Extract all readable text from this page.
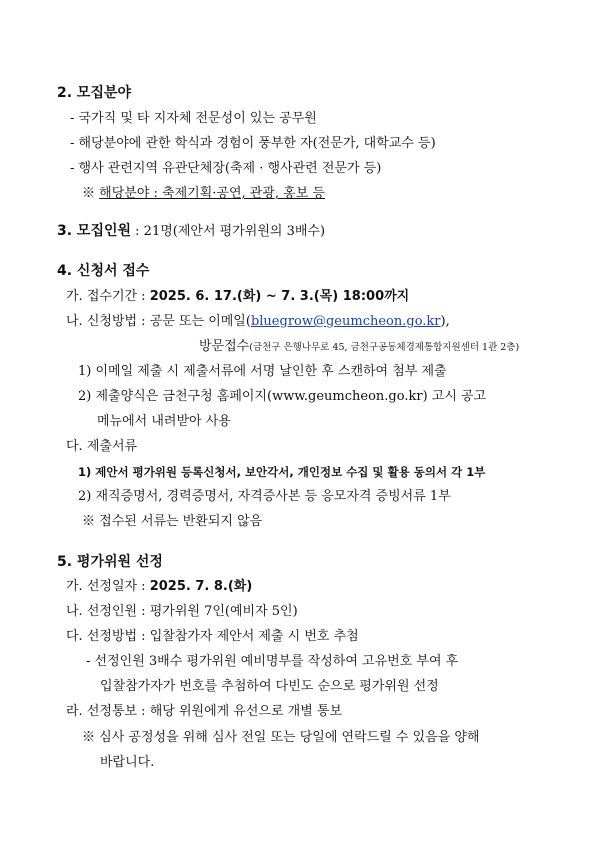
2. 모집분야
- 국가직 및 타 지자체 전문성이 있는 공무원
- 해당분야에 관한 학식과 경험이 풍부한 자(전문가, 대학교수 등)
- 행사 관련지역 유관단체장(축제 · 행사관련 전문가 등)
※ 해당분야 : 축제기획·공연, 관광, 홍보 등
3. 모집인원 : 21명(제안서 평가위원의 3배수)
4. 신청서 접수
가. 접수기간 : 2025. 6. 17.(화) ~ 7. 3.(목) 18:00까지
나. 신청방법 : 공문 또는 이메일(bluegrow@geumcheon.go.kr),
방문접수(금천구 은행나무로 45, 금천구공동체경제통합지원센터 1관 2층)
1) 이메일 제출 시 제출서류에 서명 날인한 후 스캔하여 첨부 제출
2) 제출양식은 금천구청 홈페이지(www.geumcheon.go.kr) 고시 공고
메뉴에서 내려받아 사용
다. 제출서류
1) 제안서 평가위원 등록신청서, 보안각서, 개인정보 수집 및 활용 동의서 각 1부
2) 재직증명서, 경력증명서, 자격증사본 등 응모자격 증빙서류 1부
※ 접수된 서류는 반환되지 않음
5. 평가위원 선정
가. 선정일자 : 2025. 7. 8.(화)
나. 선정인원 : 평가위원 7인(예비자 5인)
다. 선정방법 : 입찰참가자 제안서 제출 시 번호 추첨
- 선정인원 3배수 평가위원 예비명부를 작성하여 고유번호 부여 후
입찰참가자가 번호를 추첨하여 다빈도 순으로 평가위원 선정
라. 선정통보 : 해당 위원에게 유선으로 개별 통보
※ 심사 공정성을 위해 심사 전일 또는 당일에 연락드릴 수 있음을 양해
바랍니다.
